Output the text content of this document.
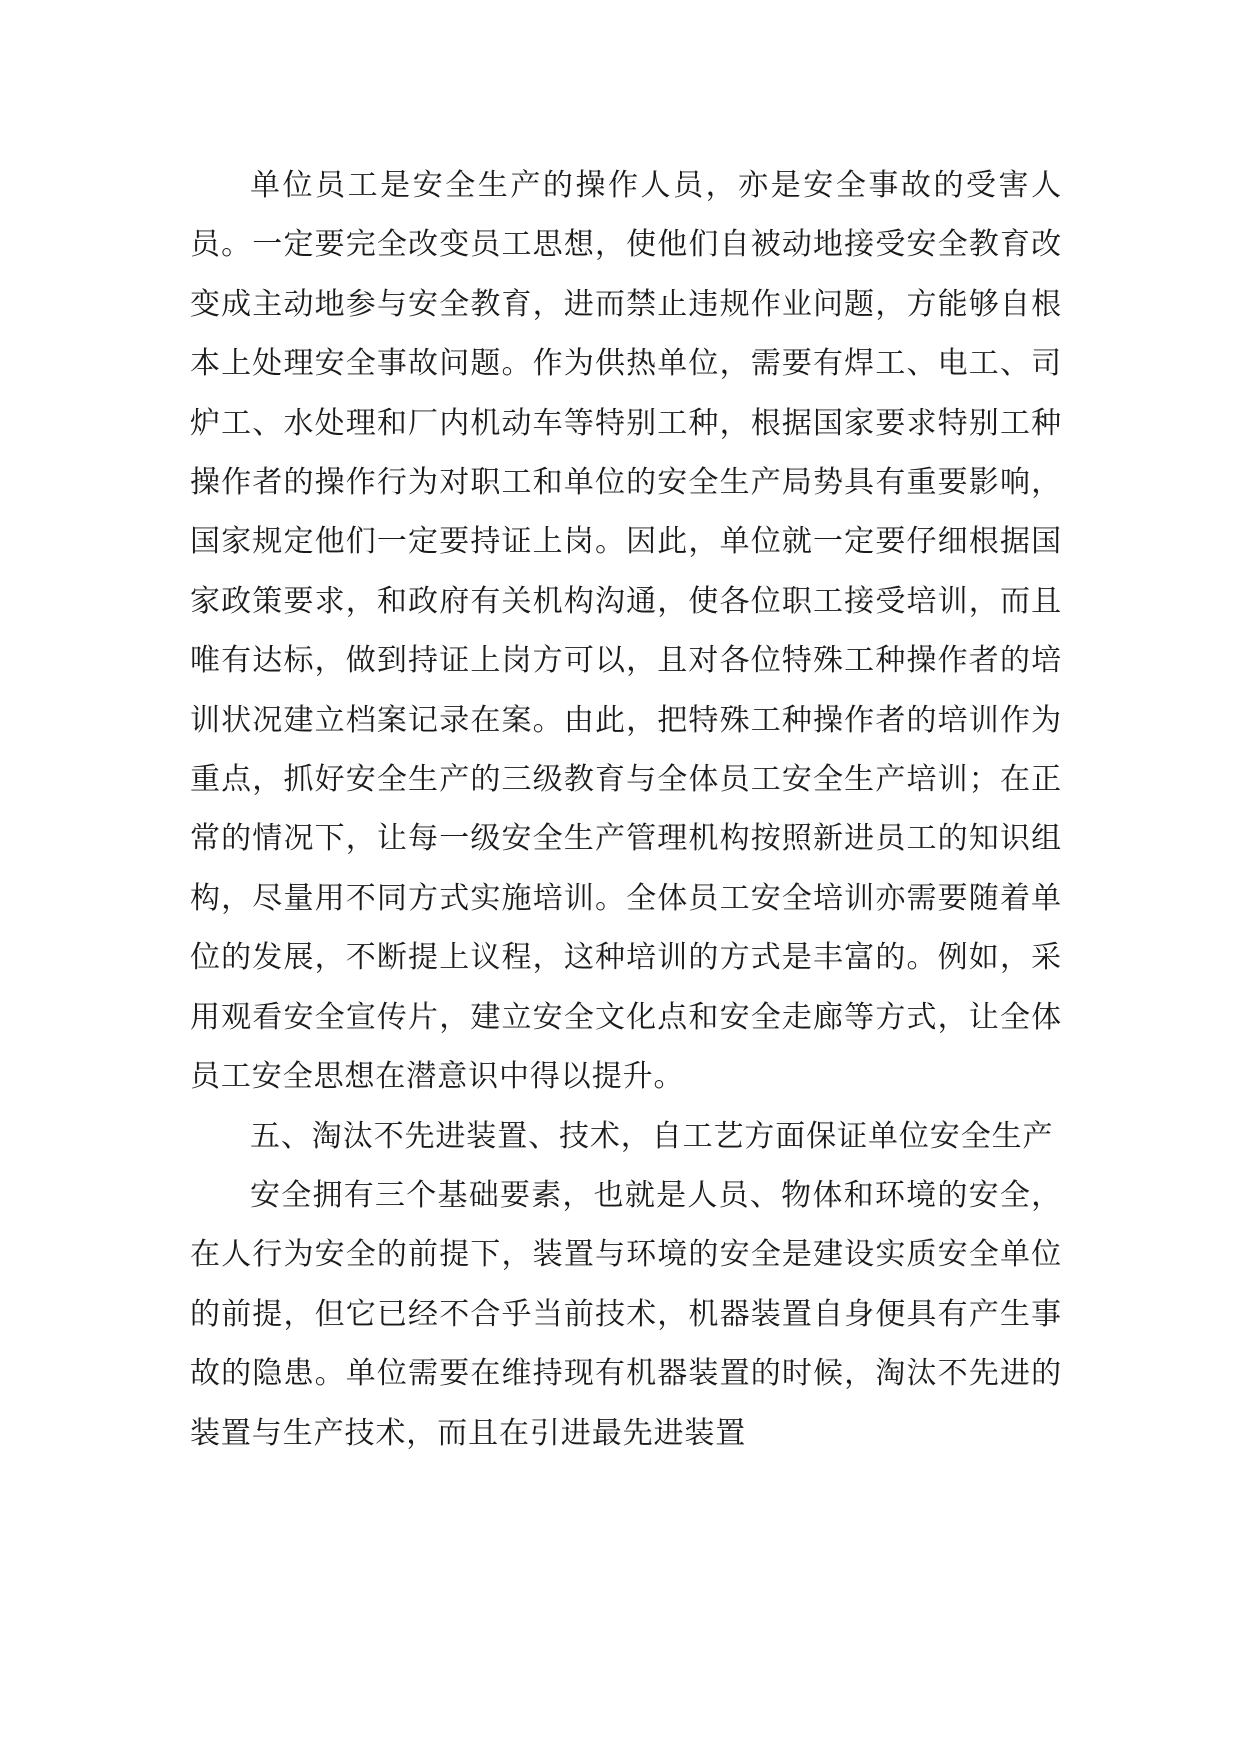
单位员工是安全生产的操作人员，亦是安全事故的受害人员。一定要完全改变员工思想，使他们自被动地接受安全教育改变成主动地参与安全教育，进而禁止违规作业问题，方能够自根本上处理安全事故问题。作为供热单位，需要有焊工、电工、司炉工、水处理和厂内机动车等特别工种，根据国家要求特别工种操作者的操作行为对职工和单位的安全生产局势具有重要影响，国家规定他们一定要持证上岗。因此，单位就一定要仔细根据国家政策要求，和政府有关机构沟通，使各位职工接受培训，而且唯有达标，做到持证上岗方可以，且对各位特殊工种操作者的培训状况建立档案记录在案。由此，把特殊工种操作者的培训作为重点，抓好安全生产的三级教育与全体员工安全生产培训；在正常的情况下，让每一级安全生产管理机构按照新进员工的知识组构，尽量用不同方式实施培训。全体员工安全培训亦需要随着单位的发展，不断提上议程，这种培训的方式是丰富的。例如，采用观看安全宣传片，建立安全文化点和安全走廊等方式，让全体员工安全思想在潜意识中得以提升。

五、淘汰不先进装置、技术，自工艺方面保证单位安全生产

安全拥有三个基础要素，也就是人员、物体和环境的安全，在人行为安全的前提下，装置与环境的安全是建设实质安全单位的前提，但它已经不合乎当前技术，机器装置自身便具有产生事故的隐患。单位需要在维持现有机器装置的时候，淘汰不先进的装置与生产技术，而且在引进最先进装置
